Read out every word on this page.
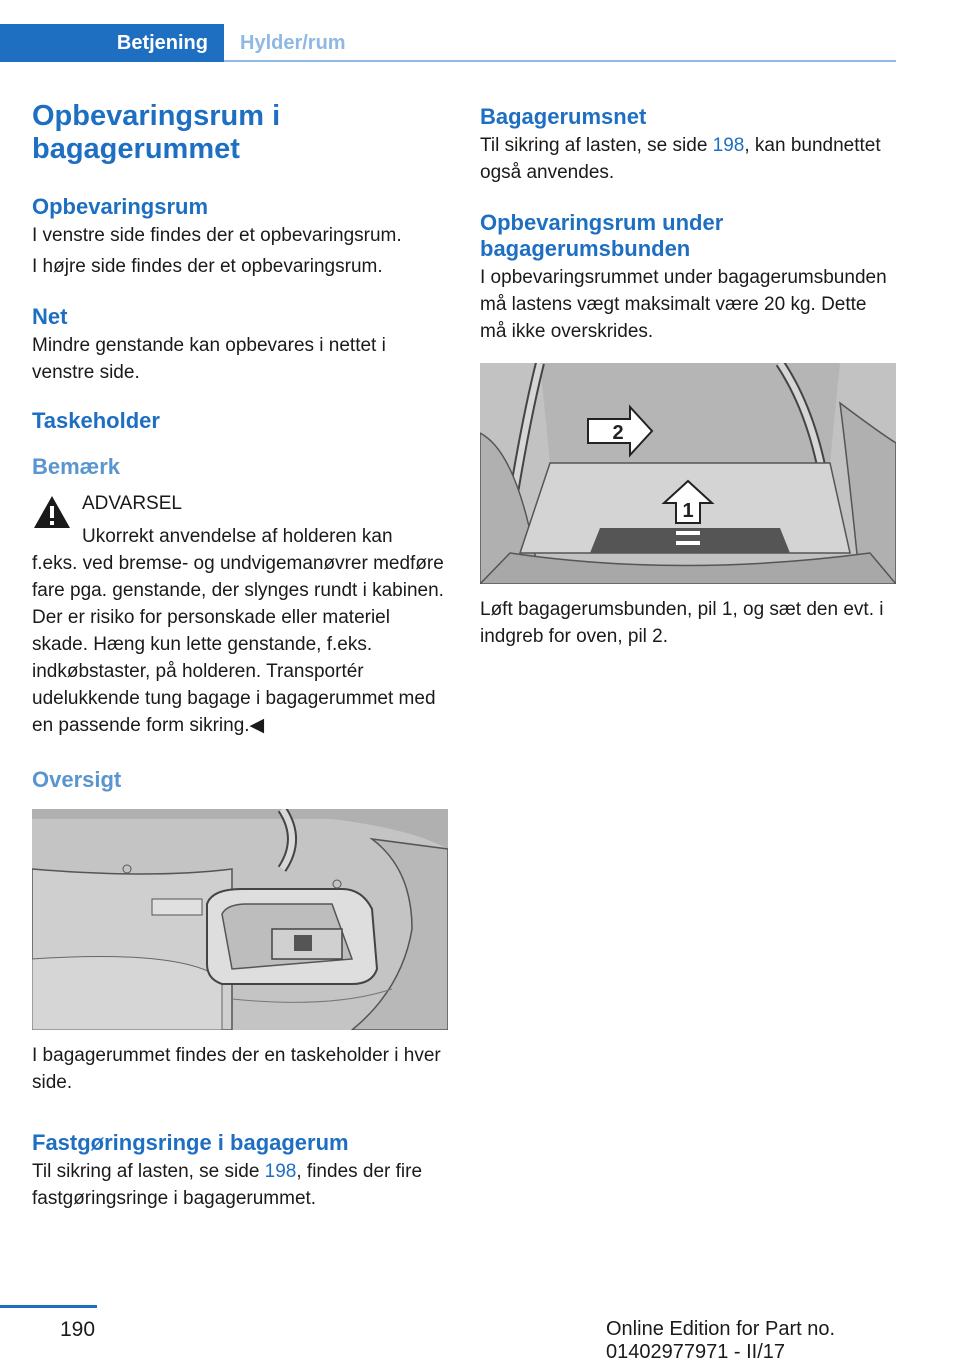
Betjening	Hylder/rum
Opbevaringsrum i bagagerummet
Opbevaringsrum

I venstre side findes der et opbevaringsrum.

I højre side findes der et opbevaringsrum.

Net

Mindre genstande kan opbevares i nettet i venstre side.

Taskeholder
Bemærk

ADVARSEL

Ukorrekt anvendelse af holderen kan

f.eks. ved bremse- og undvigemanøvrer medføre fare pga. genstande, der slynges rundt i kabinen. Der er risiko for personskade eller materiel skade. Hæng kun lette genstande, f.eks. indkøbstaster, på holderen. Transportér udelukkende tung bagage i bagagerummet med en passende form sikring.◀

Oversigt

I bagagerummet findes der en taskeholder i hver side.

Fastgøringsringe i bagagerum

Til sikring af lasten, se side 198, findes der fire fastgøringsringe i bagagerummet.

Bagagerumsnet

Til sikring af lasten, se side 198, kan bundnettet også anvendes.

Opbevaringsrum under bagagerumsbunden

I opbevaringsrummet under bagagerumsbunden må lastens vægt maksimalt være 20 kg. Dette må ikke overskrides.

1
2

Løft bagagerumsbunden, pil 1, og sæt den evt. i indgreb for oven, pil 2.

190	Online Edition for Part no. 01402977971 - II/17
